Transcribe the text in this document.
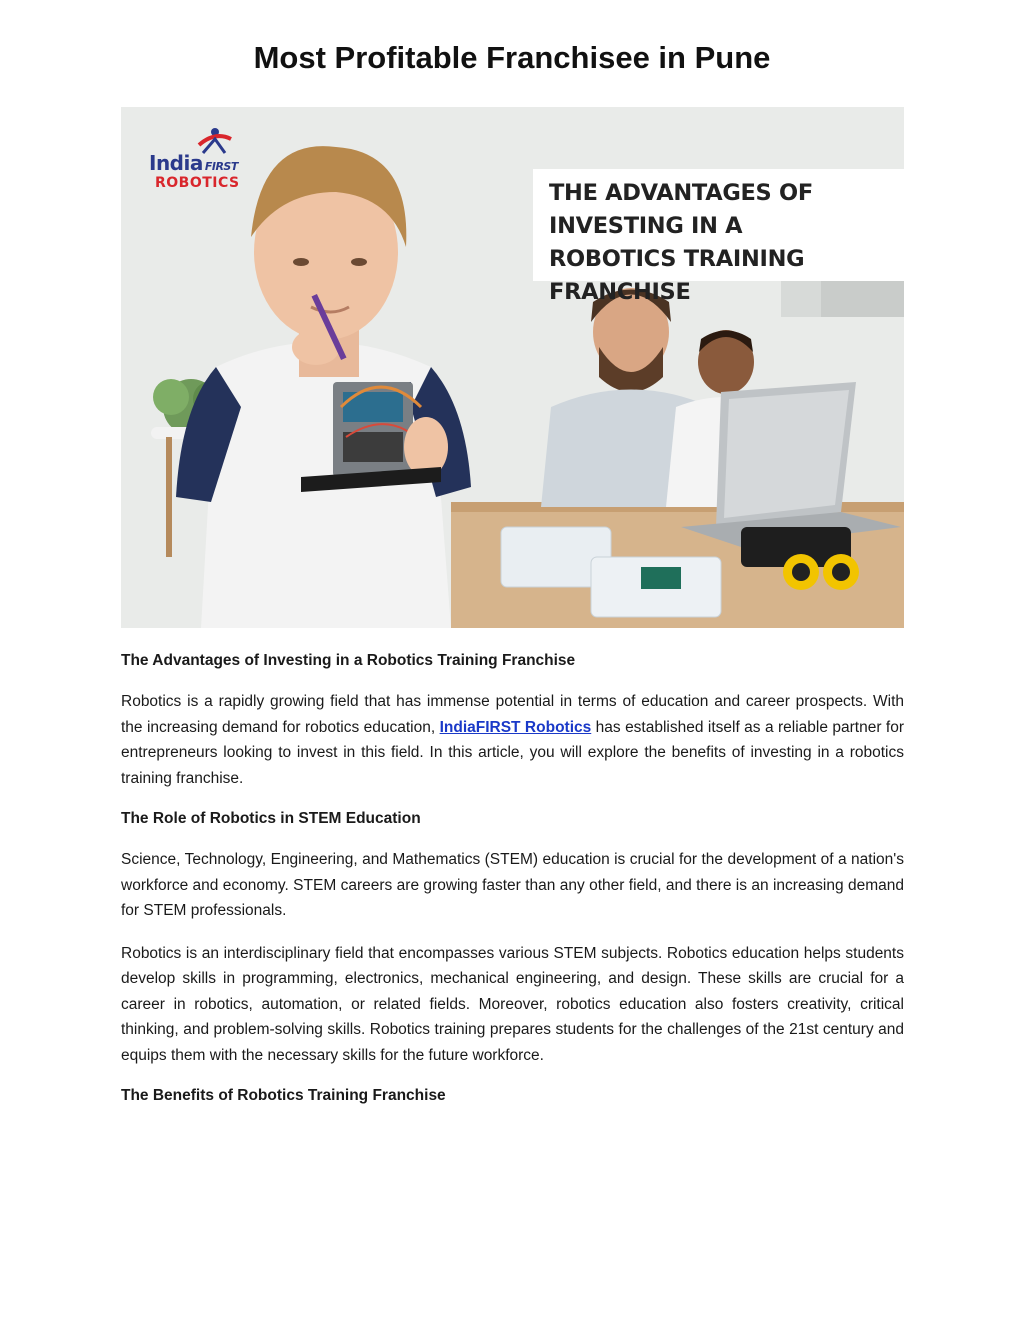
Most Profitable Franchisee in Pune
India FIRST
ROBOTICS	THE ADVANTAGES OF
INVESTING IN A
ROBOTICS TRAINING FRANCHISE
The Advantages of Investing in a Robotics Training Franchise

Robotics is a rapidly growing field that has immense potential in terms of education and career prospects. With the increasing demand for robotics education, IndiaFIRST Robotics has established itself as a reliable partner for entrepreneurs looking to invest in this field. In this article, you will explore the benefits of investing in a robotics training franchise.

The Role of Robotics in STEM Education

Science, Technology, Engineering, and Mathematics (STEM) education is crucial for the development of a nation's workforce and economy. STEM careers are growing faster than any other field, and there is an increasing demand for STEM professionals.

Robotics is an interdisciplinary field that encompasses various STEM subjects. Robotics education helps students develop skills in programming, electronics, mechanical engineering, and design. These skills are crucial for a career in robotics, automation, or related fields. Moreover, robotics education also fosters creativity, critical thinking, and problem-solving skills. Robotics training prepares students for the challenges of the 21st century and equips them with the necessary skills for the future workforce.

The Benefits of Robotics Training Franchise
